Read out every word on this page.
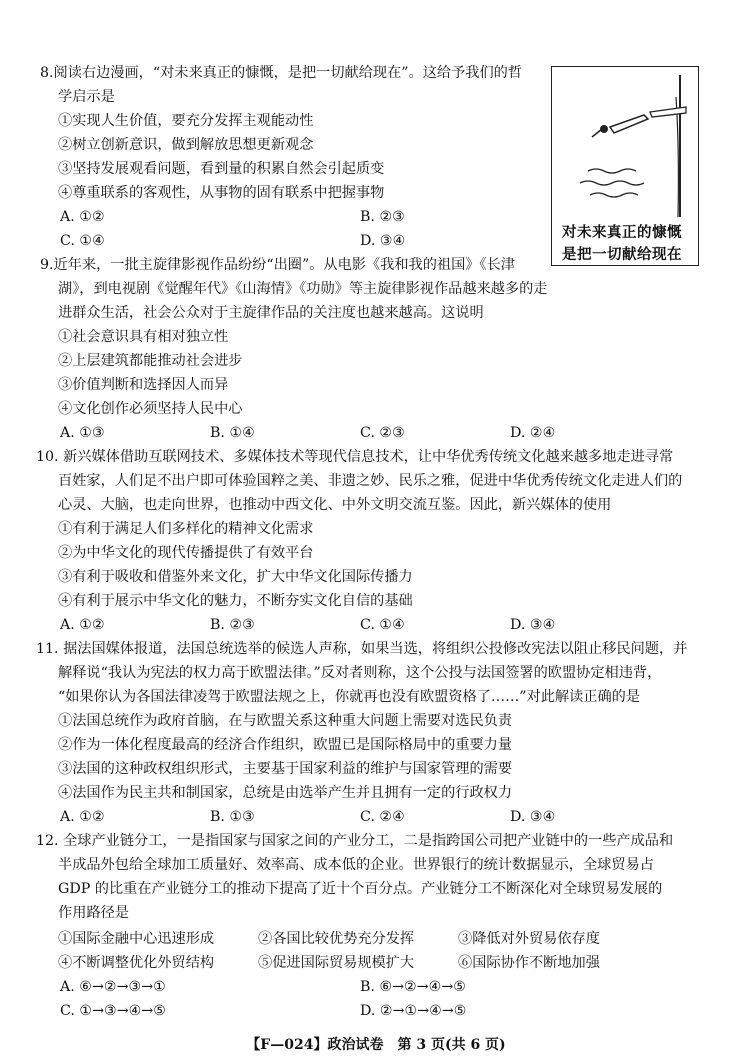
8.阅读右边漫画，“对未来真正的慷慨，是把一切献给现在”。这给予我们的哲
学启示是
①实现人生价值，要充分发挥主观能动性
②树立创新意识，做到解放思想更新观念
③坚持发展观看问题，看到量的积累自然会引起质变
④尊重联系的客观性，从事物的固有联系中把握事物
A. ①②	B. ②③
C. ①④	D. ③④	对未来真正的慷慨
是把一切献给现在
9.近年来，一批主旋律影视作品纷纷“出圈”。从电影《我和我的祖国》《长津
湖》，到电视剧《觉醒年代》《山海情》《功勋》等主旋律影视作品越来越多的走
进群众生活，社会公众对于主旋律作品的关注度也越来越高。这说明
①社会意识具有相对独立性
②上层建筑都能推动社会进步
③价值判断和选择因人而异
④文化创作必须坚持人民中心
A. ①③	B. ①④	C. ②③	D. ②④
10. 新兴媒体借助互联网技术、多媒体技术等现代信息技术，让中华优秀传统文化越来越多地走进寻常
百姓家，人们足不出户即可体验国粹之美、非遗之妙、民乐之雅，促进中华优秀传统文化走进人们的
心灵、大脑，也走向世界，也推动中西文化、中外文明交流互鉴。因此，新兴媒体的使用
①有利于满足人们多样化的精神文化需求
②为中华文化的现代传播提供了有效平台
③有利于吸收和借鉴外来文化，扩大中华文化国际传播力
④有利于展示中华文化的魅力，不断夯实文化自信的基础
A. ①②	B. ②③	C. ①④	D. ③④
11. 据法国媒体报道，法国总统选举的候选人声称，如果当选，将组织公投修改宪法以阻止移民问题，并
解释说“我认为宪法的权力高于欧盟法律。”反对者则称，这个公投与法国签署的欧盟协定相违背，
“如果你认为各国法律凌驾于欧盟法规之上，你就再也没有欧盟资格了……”对此解读正确的是
①法国总统作为政府首脑，在与欧盟关系这种重大问题上需要对选民负责
②作为一体化程度最高的经济合作组织，欧盟已是国际格局中的重要力量
③法国的这种政权组织形式，主要基于国家利益的维护与国家管理的需要
④法国作为民主共和制国家，总统是由选举产生并且拥有一定的行政权力
A. ①②	B. ①③	C. ②④	D. ③④
12. 全球产业链分工，一是指国家与国家之间的产业分工，二是指跨国公司把产业链中的一些产成品和
半成品外包给全球加工质量好、效率高、成本低的企业。世界银行的统计数据显示，全球贸易占
GDP 的比重在产业链分工的推动下提高了近十个百分点。产业链分工不断深化对全球贸易发展的
作用路径是
①国际金融中心迅速形成	②各国比较优势充分发挥	③降低对外贸易依存度
④不断调整优化外贸结构	⑤促进国际贸易规模扩大	⑥国际协作不断地加强
A. ⑥→②→③→①	B. ⑥→②→④→⑤
C. ①→③→④→⑤	D. ②→①→④→⑤
【F—024】政治试卷　第 3 页(共 6 页)
